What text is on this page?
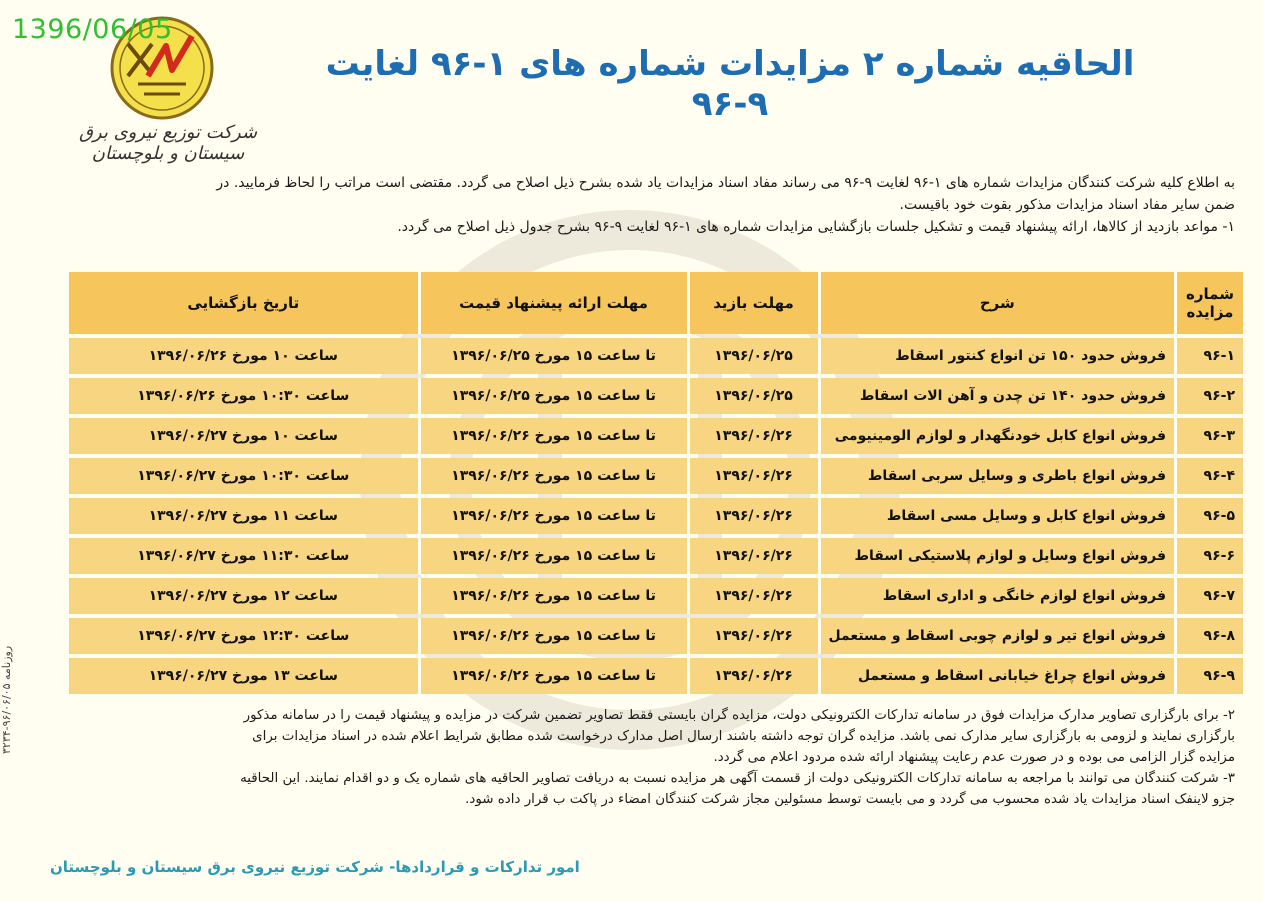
1396/06/05
شرکت توزیع نیروی برق سیستان و بلوچستان
الحاقیه شماره ۲ مزایدات شماره های ۱-۹۶ لغایت ۹-۹۶
به اطلاع کلیه شرکت کنندگان مزایدات شماره های ۱-۹۶ لغایت ۹-۹۶ می رساند مفاد اسناد مزایدات یاد شده بشرح ذیل اصلاح می گردد. مقتضی است مراتب را لحاظ فرمایید. در
ضمن سایر مفاد اسناد مزایدات مذکور بقوت خود باقیست.
۱- مواعد بازدید از کالاها، ارائه پیشنهاد قیمت و تشکیل جلسات بازگشایی مزایدات شماره های ۱-۹۶ لغایت ۹-۹۶ بشرح جدول ذیل اصلاح می گردد.
شماره مزایده	شرح	مهلت بازید	مهلت ارائه پیشنهاد قیمت	تاریخ بازگشایی
۹۶-۱	فروش حدود ۱۵۰ تن انواع کنتور اسقاط	۱۳۹۶/۰۶/۲۵	تا ساعت ۱۵ مورخ ۱۳۹۶/۰۶/۲۵	ساعت ۱۰ مورخ ۱۳۹۶/۰۶/۲۶
۹۶-۲	فروش حدود ۱۴۰ تن چدن و آهن الات اسقاط	۱۳۹۶/۰۶/۲۵	تا ساعت ۱۵ مورخ ۱۳۹۶/۰۶/۲۵	ساعت ۱۰:۳۰ مورخ ۱۳۹۶/۰۶/۲۶
۹۶-۳	فروش انواع کابل خودنگهدار و لوازم الومینیومی	۱۳۹۶/۰۶/۲۶	تا ساعت ۱۵ مورخ ۱۳۹۶/۰۶/۲۶	ساعت ۱۰ مورخ ۱۳۹۶/۰۶/۲۷
۹۶-۴	فروش انواع باطری و وسایل سربی اسقاط	۱۳۹۶/۰۶/۲۶	تا ساعت ۱۵ مورخ ۱۳۹۶/۰۶/۲۶	ساعت ۱۰:۳۰ مورخ ۱۳۹۶/۰۶/۲۷
۹۶-۵	فروش انواع کابل و وسایل مسی اسقاط	۱۳۹۶/۰۶/۲۶	تا ساعت ۱۵ مورخ ۱۳۹۶/۰۶/۲۶	ساعت ۱۱ مورخ ۱۳۹۶/۰۶/۲۷
۹۶-۶	فروش انواع وسایل و لوازم پلاستیکی اسقاط	۱۳۹۶/۰۶/۲۶	تا ساعت ۱۵ مورخ ۱۳۹۶/۰۶/۲۶	ساعت ۱۱:۳۰ مورخ ۱۳۹۶/۰۶/۲۷
۹۶-۷	فروش انواع لوازم خانگی و اداری اسقاط	۱۳۹۶/۰۶/۲۶	تا ساعت ۱۵ مورخ ۱۳۹۶/۰۶/۲۶	ساعت ۱۲ مورخ ۱۳۹۶/۰۶/۲۷
۹۶-۸	فروش انواع تیر و لوازم چوبی اسقاط و مستعمل	۱۳۹۶/۰۶/۲۶	تا ساعت ۱۵ مورخ ۱۳۹۶/۰۶/۲۶	ساعت ۱۲:۳۰ مورخ ۱۳۹۶/۰۶/۲۷
۹۶-۹	فروش انواع چراغ خیابانی اسقاط و مستعمل	۱۳۹۶/۰۶/۲۶	تا ساعت ۱۵ مورخ ۱۳۹۶/۰۶/۲۶	ساعت ۱۳ مورخ ۱۳۹۶/۰۶/۲۷
۲- برای بارگزاری تصاویر مدارک مزایدات فوق در سامانه تدارکات الکترونیکی دولت، مزایده گران بایستی فقط تصاویر تضمین شرکت در مزایده و پیشنهاد قیمت را در سامانه مذکور
بارگزاری نمایند و لزومی به بارگزاری سایر مدارک نمی باشد. مزایده گران توجه داشته باشند ارسال اصل مدارک درخواست شده مطابق شرایط اعلام شده در اسناد مزایدات برای
مزایده گزار الزامی می بوده و در صورت عدم رعایت پیشنهاد ارائه شده مردود اعلام می گردد.
۳- شرکت کنندگان می توانند با مراجعه به سامانه تدارکات الکترونیکی دولت از قسمت آگهی هر مزایده نسبت به دریافت تصاویر الحاقیه های شماره یک و دو اقدام نمایند. این الحاقیه
جزو لاینفک اسناد مزایدات یاد شده محسوب می گردد و می بایست توسط مسئولین مجاز شرکت کنندگان امضاء در پاکت ب قرار داده شود.
امور تدارکات و قراردادها- شرکت توزیع نیروی برق سیستان و بلوچستان
روزنامه ۹۶/۰۶/۰۵-۳۲۳۴
